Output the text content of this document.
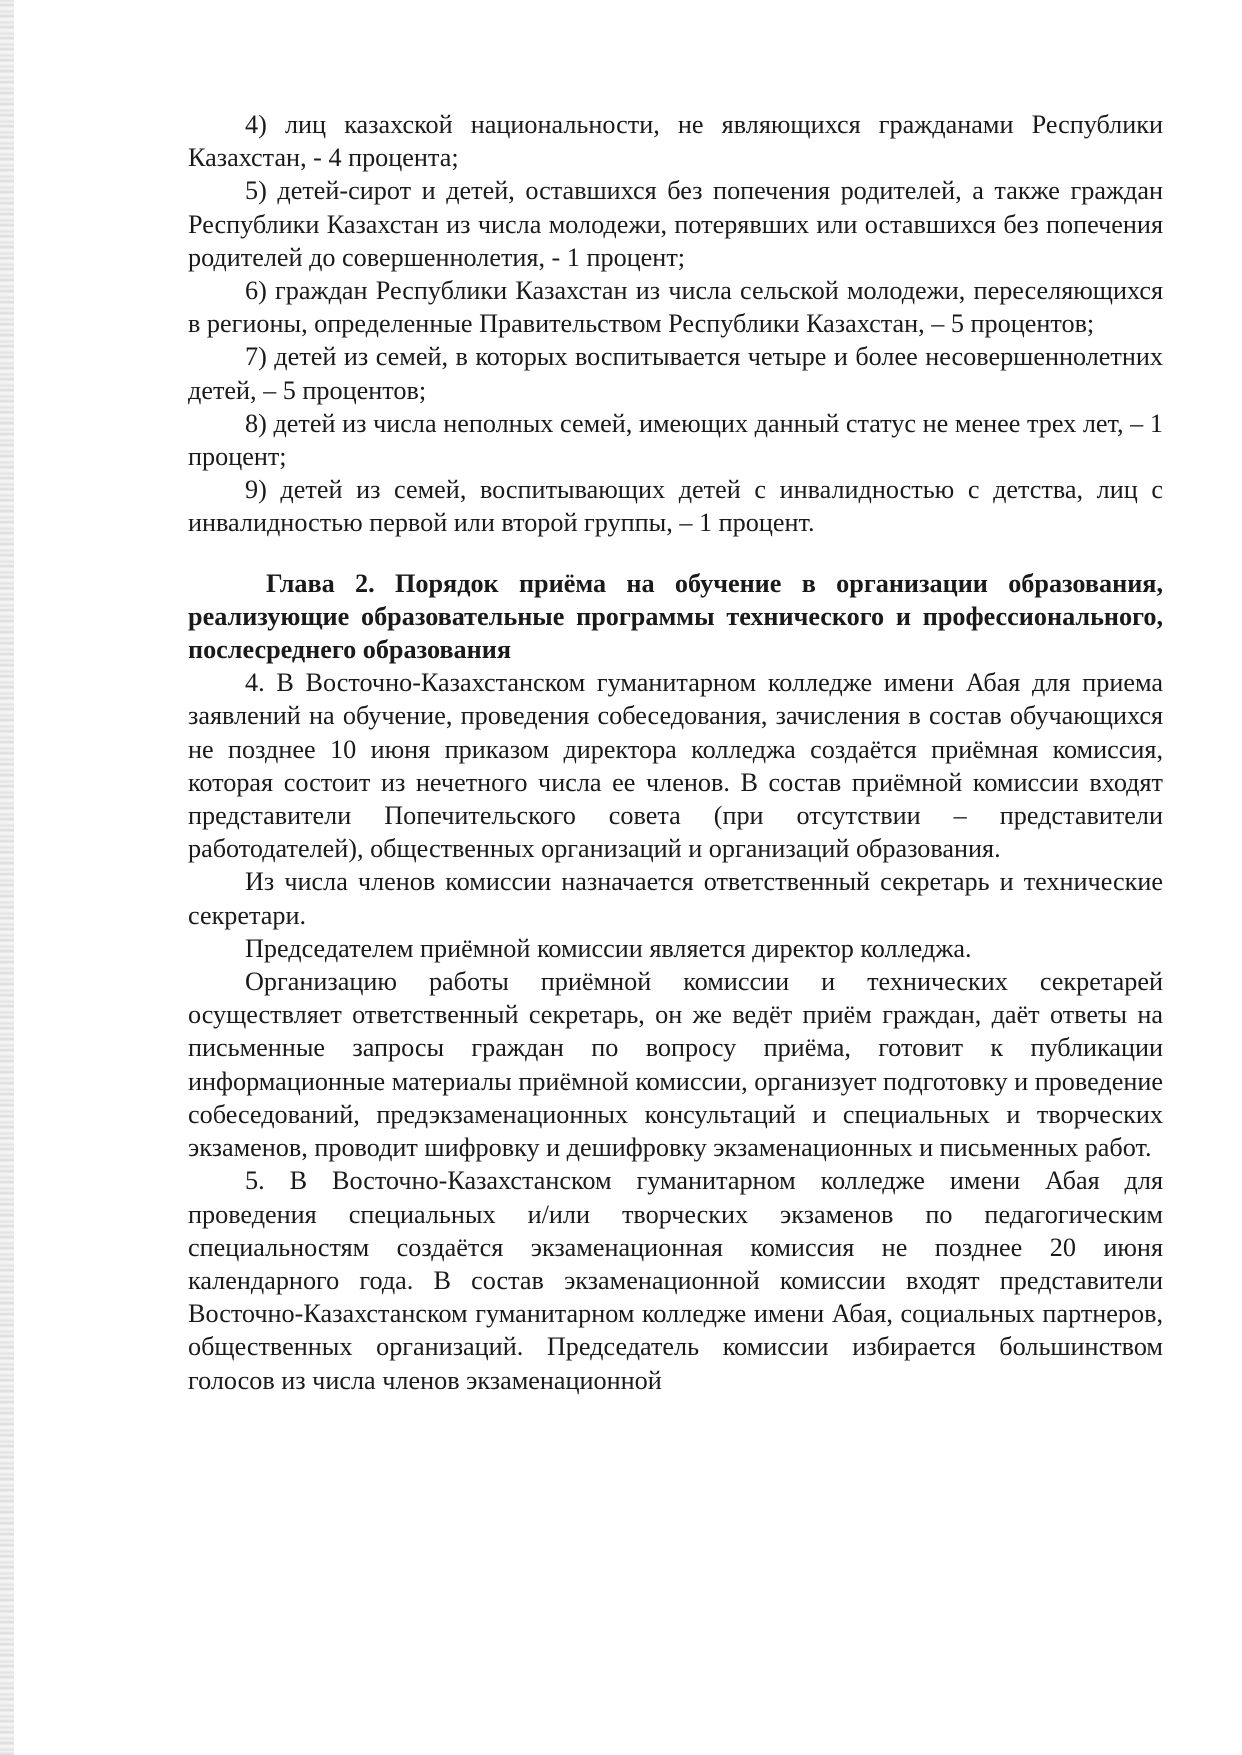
4) лиц казахской национальности, не являющихся гражданами Республики Казахстан, - 4 процента;

5) детей-сирот и детей, оставшихся без попечения родителей, а также граждан Республики Казахстан из числа молодежи, потерявших или оставшихся без попечения родителей до совершеннолетия, - 1 процент;

6) граждан Республики Казахстан из числа сельской молодежи, переселяющихся в регионы, определенные Правительством Республики Казахстан, – 5 процентов;

7) детей из семей, в которых воспитывается четыре и более несовершеннолетних детей, – 5 процентов;

8) детей из числа неполных семей, имеющих данный статус не менее трех лет, – 1 процент;

9) детей из семей, воспитывающих детей с инвалидностью с детства, лиц с инвалидностью первой или второй группы, – 1 процент.

Глава 2. Порядок приёма на обучение в организации образования, реализующие образовательные программы технического и профессионального, послесреднего образования

4. В Восточно-Казахстанском гуманитарном колледже имени Абая для приема заявлений на обучение, проведения собеседования, зачисления в состав обучающихся не позднее 10 июня приказом директора колледжа создаётся приёмная комиссия, которая состоит из нечетного числа ее членов. В состав приёмной комиссии входят представители Попечительского совета (при отсутствии – представители работодателей), общественных организаций и организаций образования.

Из числа членов комиссии назначается ответственный секретарь и технические секретари.

Председателем приёмной комиссии является директор колледжа.

Организацию работы приёмной комиссии и технических секретарей осуществляет ответственный секретарь, он же ведёт приём граждан, даёт ответы на письменные запросы граждан по вопросу приёма, готовит к публикации информационные материалы приёмной комиссии, организует подготовку и проведение собеседований, предэкзаменационных консультаций и специальных и творческих экзаменов, проводит шифровку и дешифровку экзаменационных и письменных работ.

5. В Восточно-Казахстанском гуманитарном колледже имени Абая для проведения специальных и/или творческих экзаменов по педагогическим специальностям создаётся экзаменационная комиссия не позднее 20 июня календарного года. В состав экзаменационной комиссии входят представители Восточно-Казахстанском гуманитарном колледже имени Абая, социальных партнеров, общественных организаций. Председатель комиссии избирается большинством голосов из числа членов экзаменационной
